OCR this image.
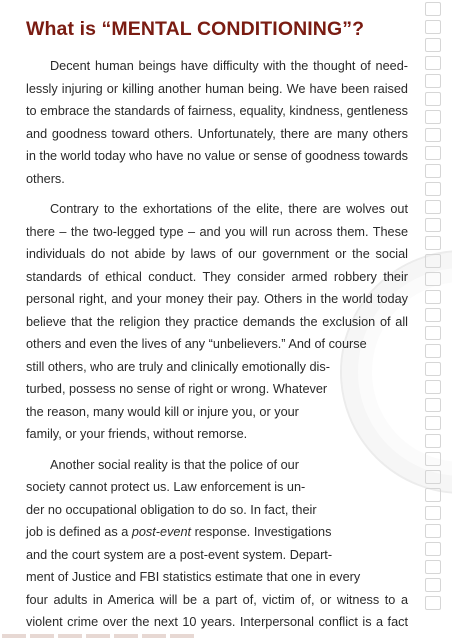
What is “MENTAL CONDITIONING”?
Decent human beings have difficulty with the thought of need-
lessly injuring or killing another human being. We have been raised
to embrace the standards of fairness, equality, kindness, gentleness
and goodness toward others. Unfortunately, there are many others
in the world today who have no value or sense of goodness towards
others.
Contrary to the exhortations of the elite, there are wolves out
there – the two-legged type – and you will run across them. These
individuals do not abide by laws of our government or the social
standards of ethical conduct. They consider armed robbery their
personal right, and your money their pay. Others in the world today
believe that the religion they practice demands the exclusion of all
others and even the lives of any “unbelievers.” And of course
still others, who are truly and clinically emotionally dis-
turbed, possess no sense of right or wrong. Whatever
the reason, many would kill or injure you, or your
family, or your friends, without remorse.
Another social reality is that the police of our
society cannot protect us. Law enforcement is un-
der no occupational obligation to do so. In fact, their
job is defined as a post-event response. Investigations
and the court system are a post-event system. Depart-
ment of Justice and FBI statistics estimate that one in every
four adults in America will be a part of, victim of, or witness to a
violent crime over the next 10 years. Interpersonal conflict is a fact
